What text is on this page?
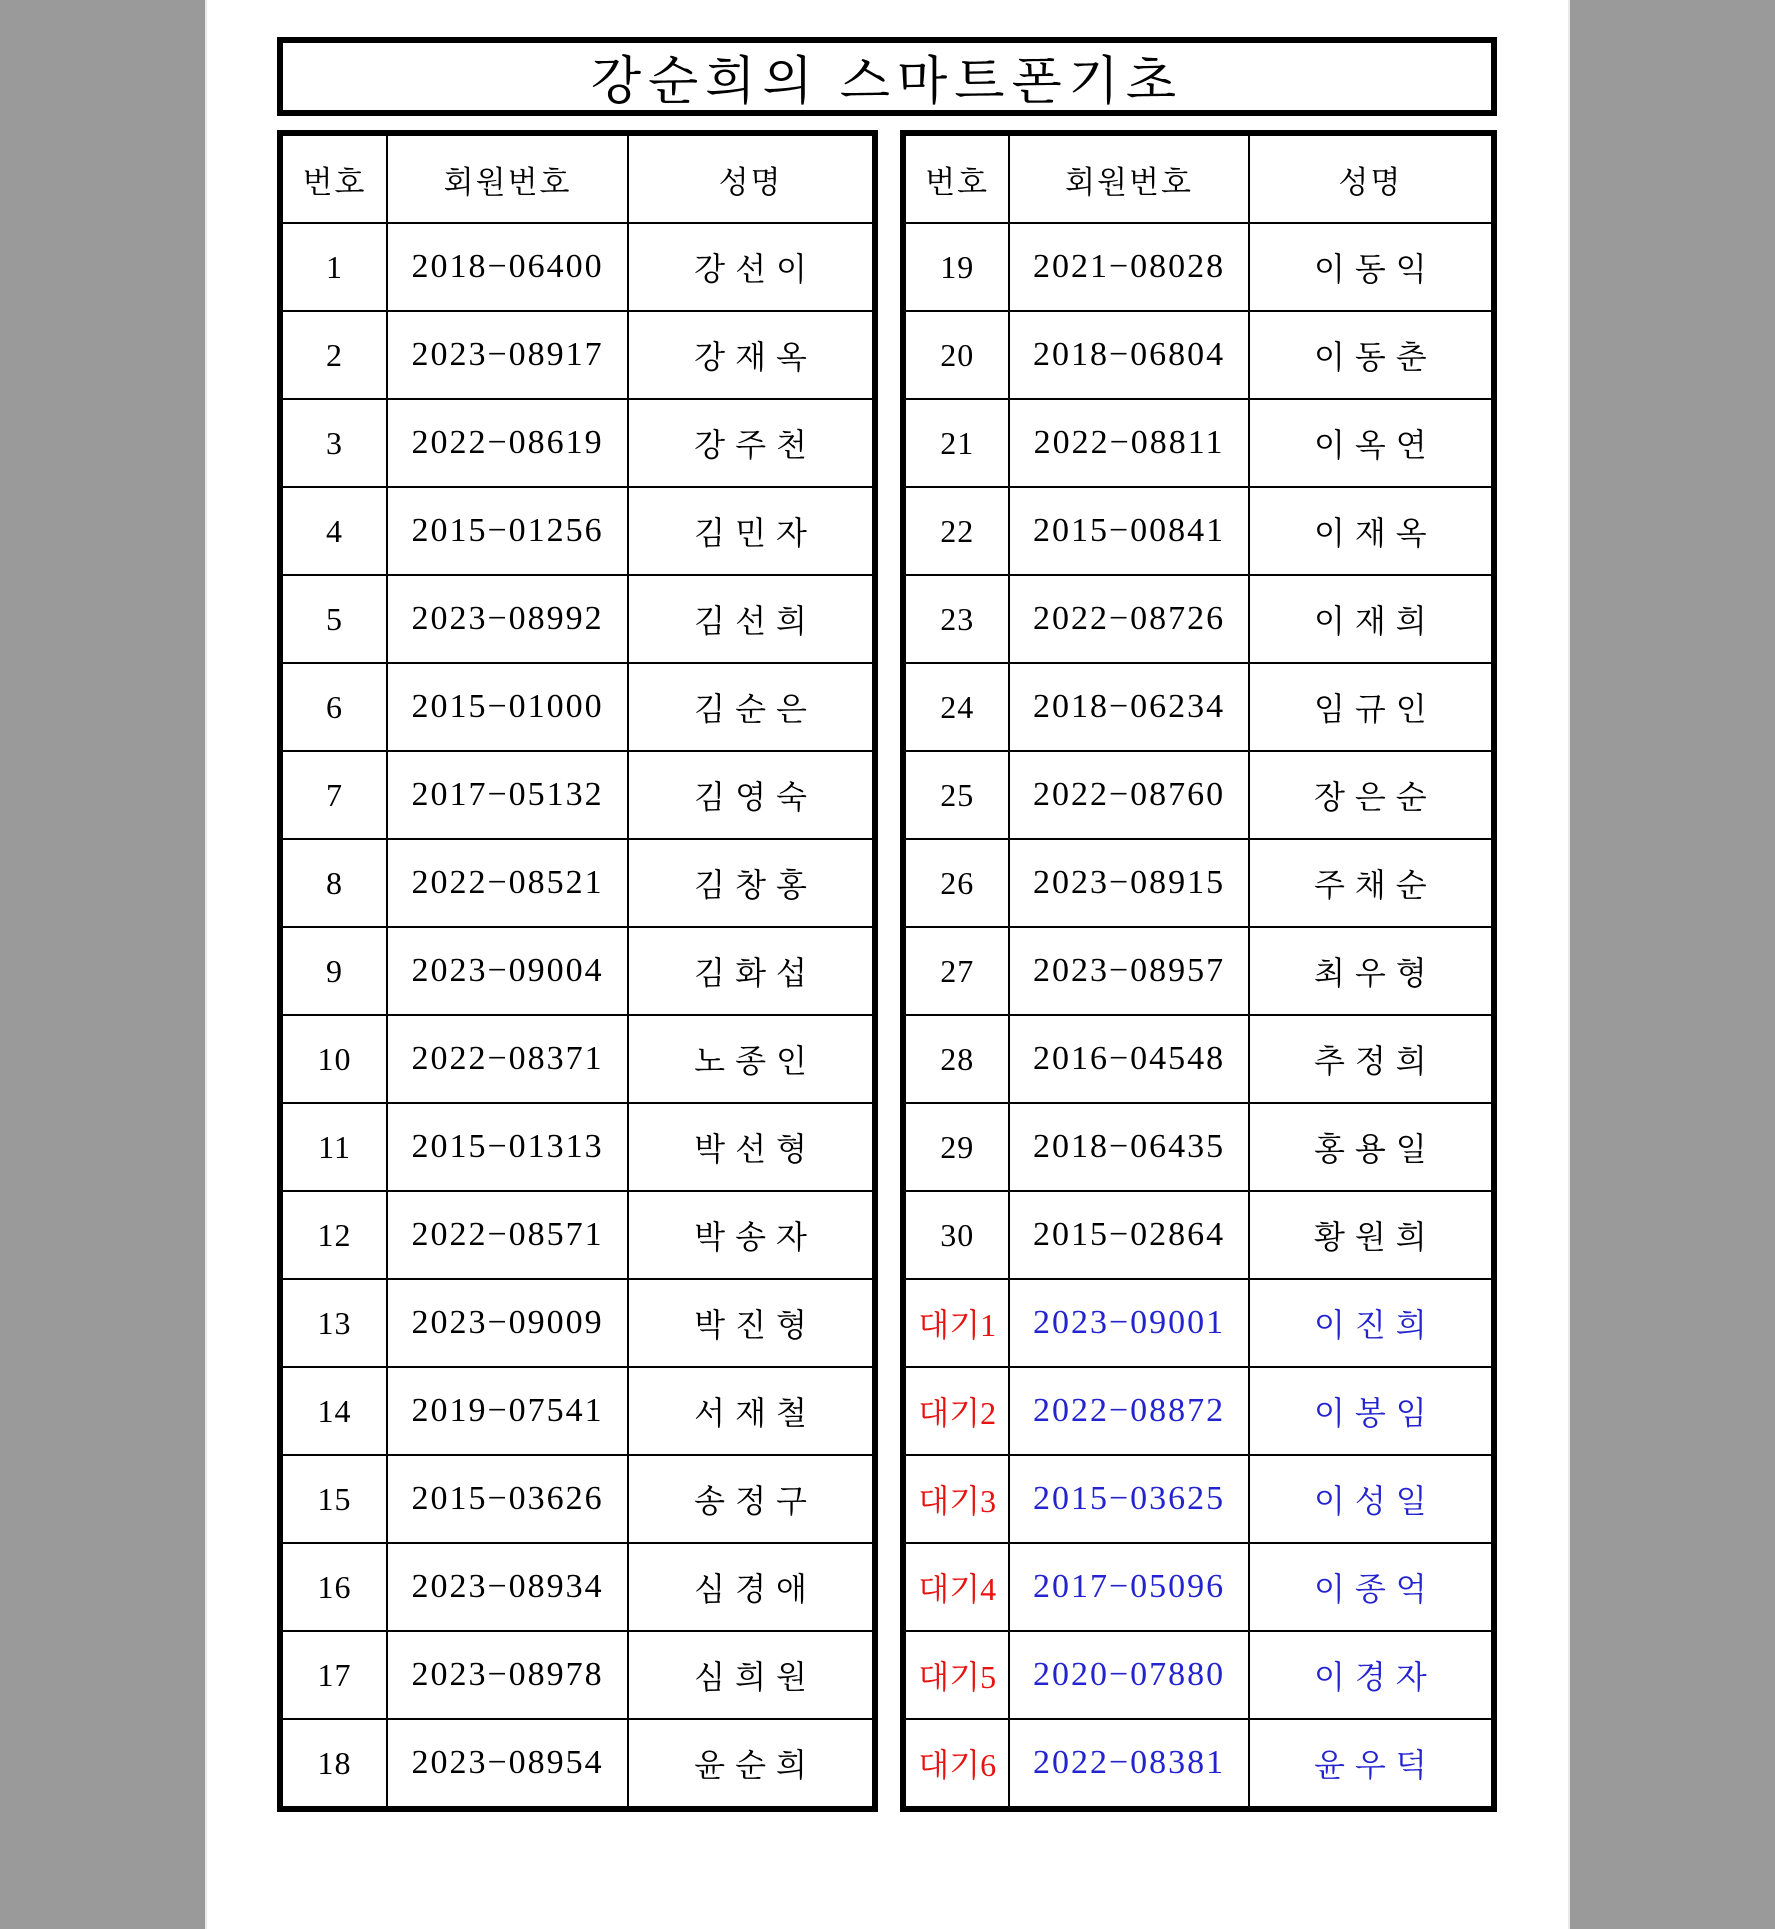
강순희의 스마트폰기초
번호	회원번호	성명
1	2018−06400	강선이
2	2023−08917	강재옥
3	2022−08619	강주천
4	2015−01256	김민자
5	2023−08992	김선희
6	2015−01000	김순은
7	2017−05132	김영숙
8	2022−08521	김창홍
9	2023−09004	김화섭
10	2022−08371	노종인
11	2015−01313	박선형
12	2022−08571	박송자
13	2023−09009	박진형
14	2019−07541	서재철
15	2015−03626	송정구
16	2023−08934	심경애
17	2023−08978	심희원
18	2023−08954	윤순희
번호	회원번호	성명
19	2021−08028	이동익
20	2018−06804	이동춘
21	2022−08811	이옥연
22	2015−00841	이재옥
23	2022−08726	이재희
24	2018−06234	임규인
25	2022−08760	장은순
26	2023−08915	주채순
27	2023−08957	최우형
28	2016−04548	추정희
29	2018−06435	홍용일
30	2015−02864	황원희
대기1	2023−09001	이진희
대기2	2022−08872	이봉임
대기3	2015−03625	이성일
대기4	2017−05096	이종억
대기5	2020−07880	이경자
대기6	2022−08381	윤우덕
